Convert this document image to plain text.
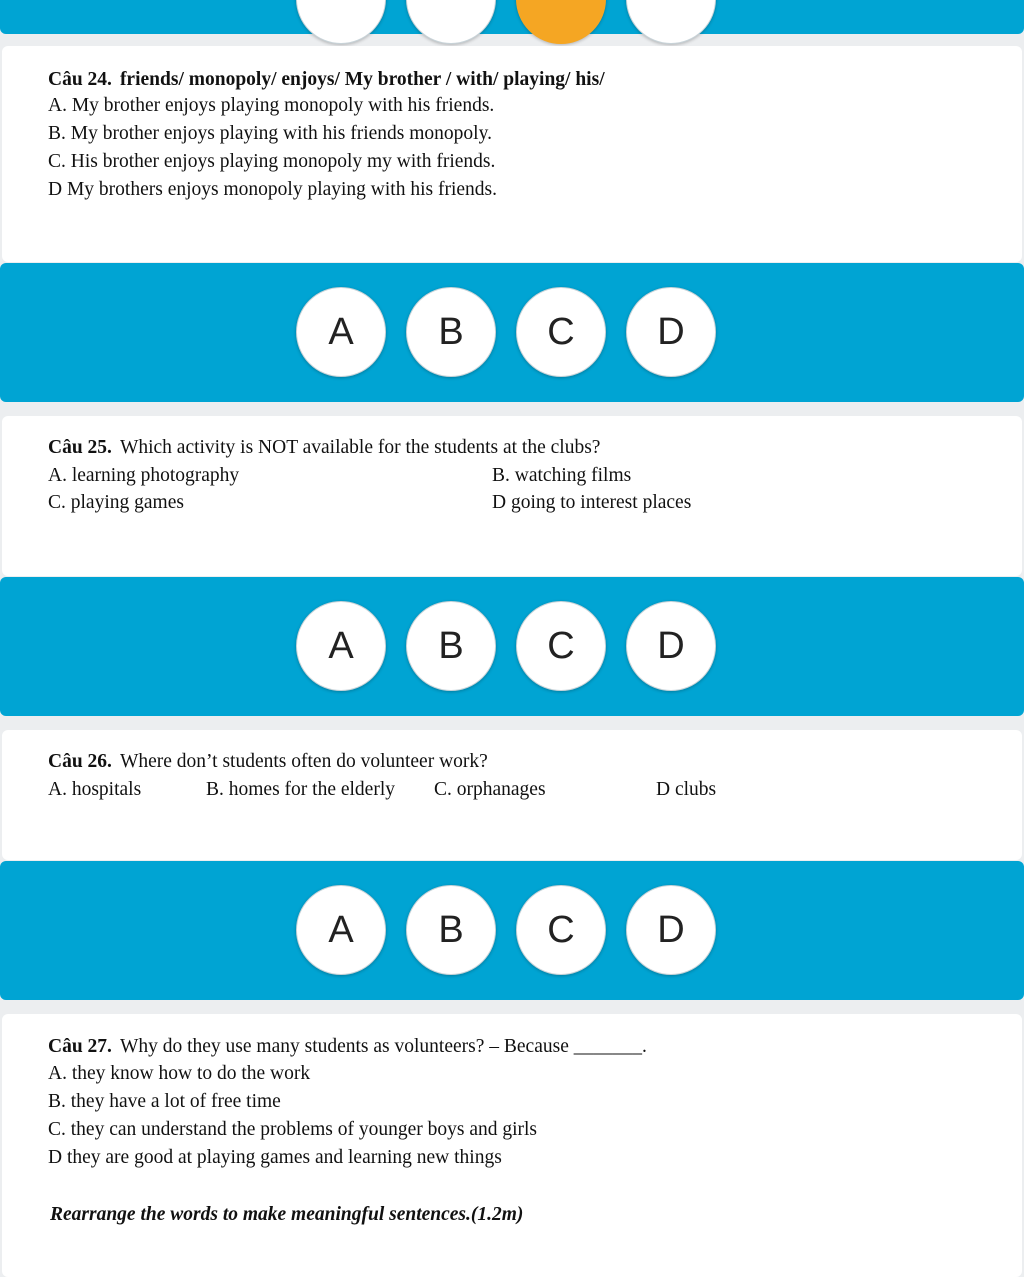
Câu 24. friends/ monopoly/ enjoys/ My brother / with/ playing/ his/
A. My brother enjoys playing monopoly with his friends.
B. My brother enjoys playing with his friends monopoly.
C. His brother enjoys playing monopoly my with friends.
D My brothers enjoys monopoly playing with his friends.
A	B	C	D
Câu 25. Which activity is NOT available for the students at the clubs?
A. learning photography	B. watching films
C. playing games	D going to interest places
A	B	C	D
Câu 26. Where don’t students often do volunteer work?
A. hospitals	B. homes for the elderly C. orphanages	D clubs
A	B	C	D
Câu 27. Why do they use many students as volunteers? – Because _______.
A. they know how to do the work
B. they have a lot of free time
C. they can understand the problems of younger boys and girls
D they are good at playing games and learning new things
Rearrange the words to make meaningful sentences.(1.2m)
